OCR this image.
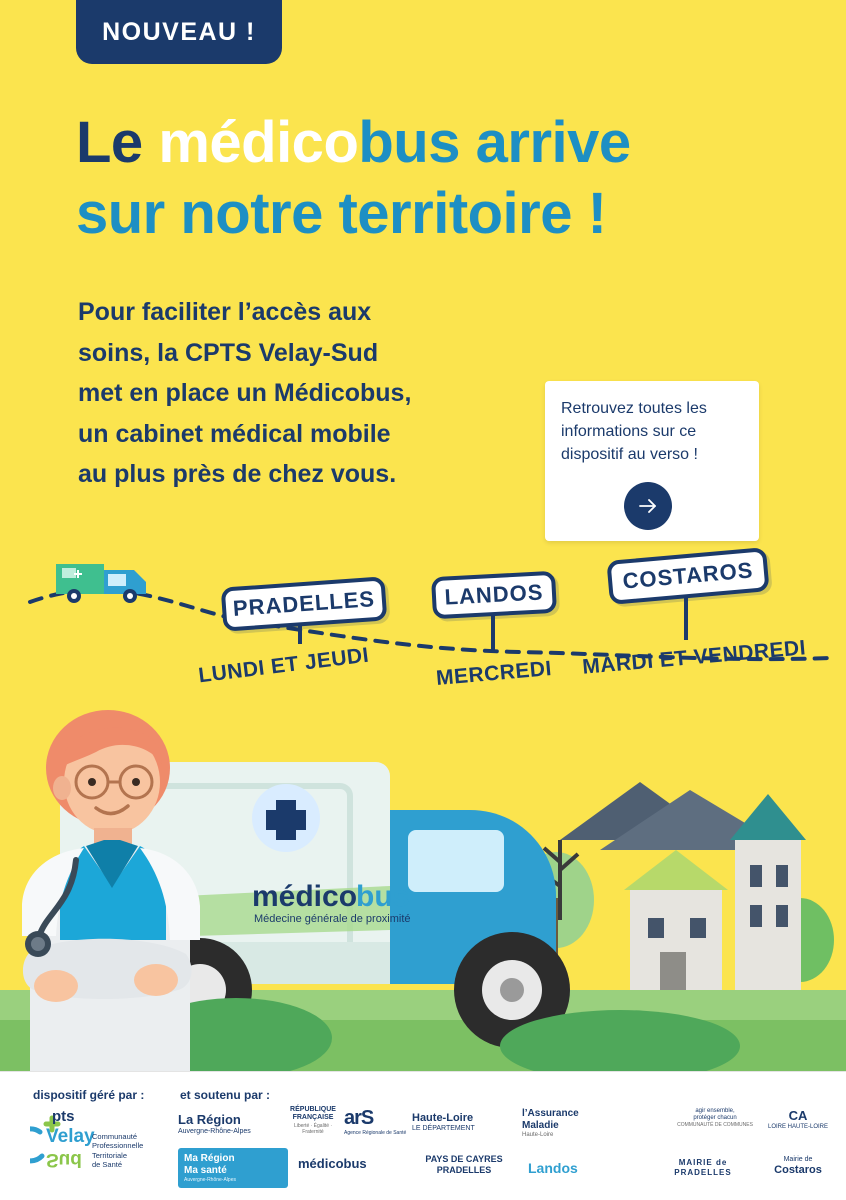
NOUVEAU !
Le médicobus arrive
sur notre territoire !
Pour faciliter l’accès aux
soins, la CPTS Velay-Sud
met en place un Médicobus,
un cabinet médical mobile
au plus près de chez vous.
Retrouvez toutes les
informations sur ce
dispositif au verso !
PRADELLES	LANDOS
COSTAROS
LUNDI ET JEUDI	MERCREDI MARDI ET VENDREDI
médico
bus
Médecine générale de proximité
dispositif géré par :	et soutenu par :
pts
Velay
Sud
Communauté
Professionnelle
Territoriale
de Santé
La Région
Auvergne-Rhône-Alpes
RÉPUBLIQUE
FRANÇAISE
Liberté · Égalité · Fraternité
arS
Agence Régionale de Santé
Haute-Loire
LE DÉPARTEMENT
l’Assurance
Maladie
Haute-Loire
agir ensemble,
protéger chacun
COMMUNAUTÉ DE COMMUNES
CA
LOIRE HAUTE-LOIRE
Ma Région
Ma santé
Auvergne-Rhône-Alpes
médicobus	PAYS DE CAYRES
PRADELLES	Landos	MAIRIE de
PRADELLES
Mairie de
Costaros
